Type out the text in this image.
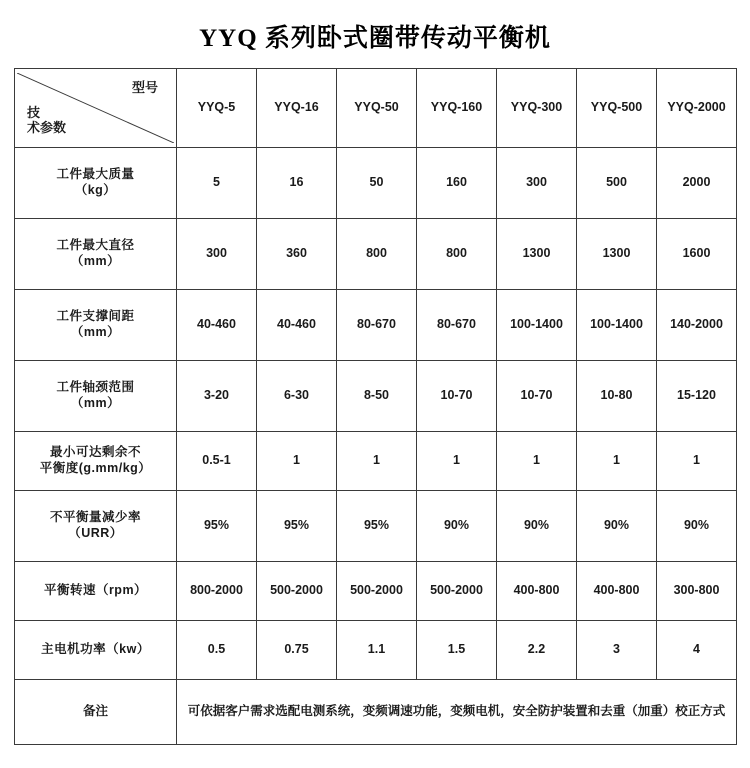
YYQ 系列卧式圈带传动平衡机
型号
技
术参数	YYQ-5	YYQ-16	YYQ-50	YYQ-160	YYQ-300	YYQ-500	YYQ-2000
工件最大质量
（kg）	5	16	50	160	300	500	2000
工件最大直径
（mm）	300	360	800	800	1300	1300	1600
工件支撑间距
（mm）	40-460	40-460	80-670	80-670	100-1400	100-1400	140-2000
工件轴颈范围
（mm）	3-20	6-30	8-50	10-70	10-70	10-80	15-120
最小可达剩余不
平衡度(g.mm/kg）	0.5-1	1	1	1	1	1	1
不平衡量减少率
（URR）	95%	95%	95%	90%	90%	90%	90%
平衡转速（rpm）	800-2000	500-2000	500-2000	500-2000	400-800	400-800	300-800
主电机功率（kw）	0.5	0.75	1.1	1.5	2.2	3	4
备注	可依据客户需求选配电测系统，变频调速功能，变频电机，安全防护装置和去重（加重）校正方式						
